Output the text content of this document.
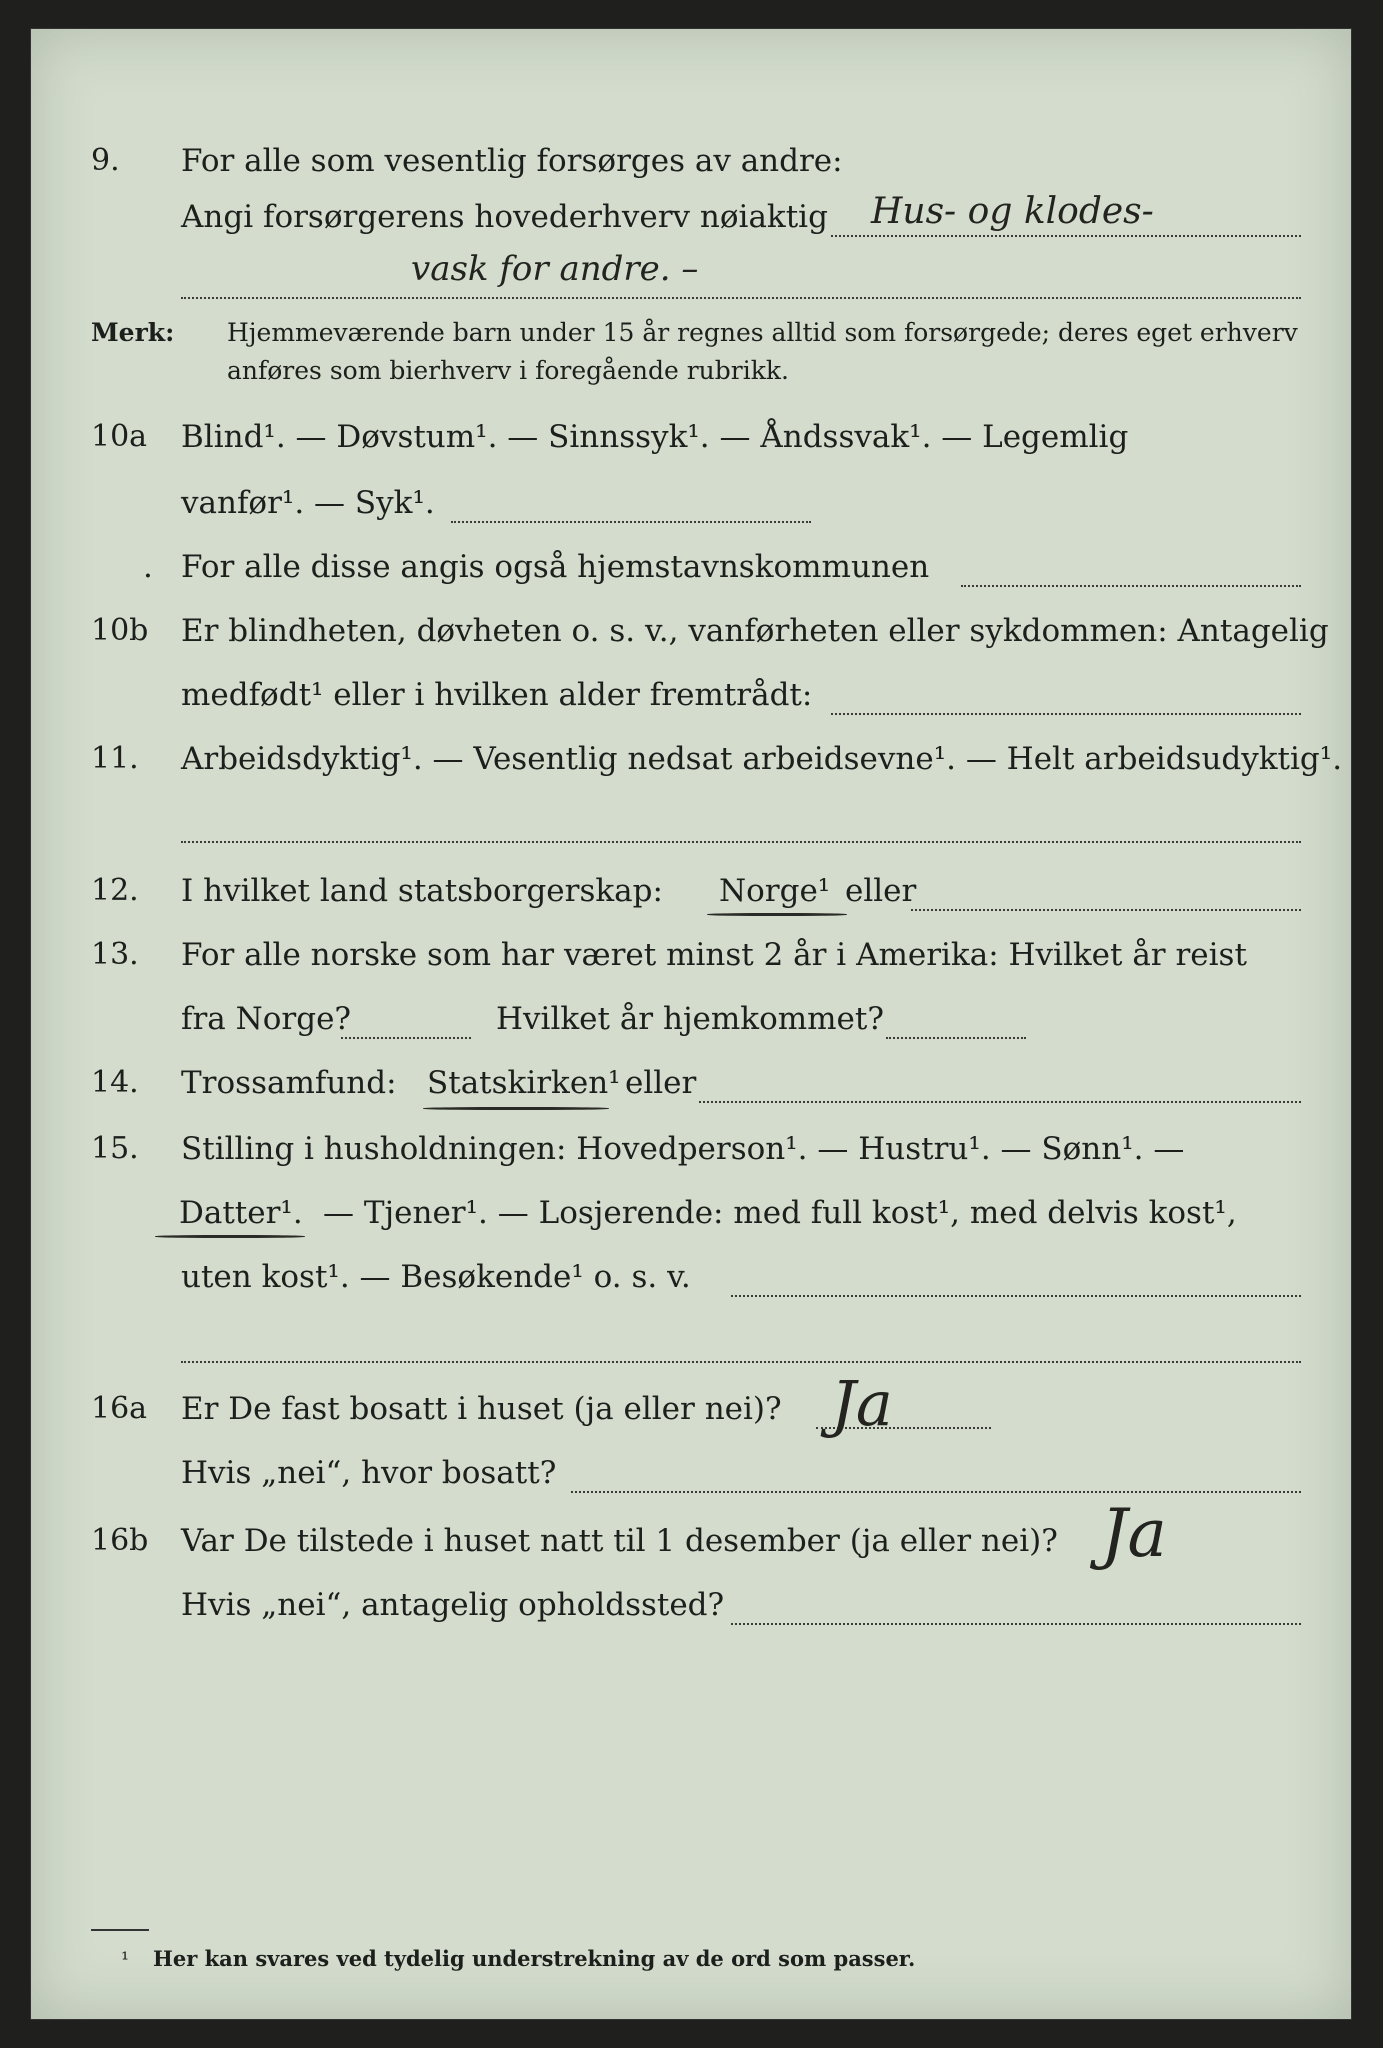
9. For alle som vesentlig forsørges av andre:
Angi forsørgerens hovederhverv nøiaktig Hus- og klodes-
vask for andre. –
Merk: Hjemmeværende barn under 15 år regnes alltid som forsørgede; deres eget erhverv
anføres som bierhverv i foregående rubrikk.
10a Blind¹. — Døvstum¹. — Sinnssyk¹. — Åndssvak¹. — Legemlig
vanfør¹. — Syk¹.
. For alle disse angis også hjemstavnskommunen
10b Er blindheten, døvheten o. s. v., vanførheten eller sykdommen: Antagelig
medfødt¹ eller i hvilken alder fremtrådt:
11. Arbeidsdyktig¹. — Vesentlig nedsat arbeidsevne¹. — Helt arbeidsudyktig¹.
12. I hvilket land statsborgerskap: Norge¹ eller
13. For alle norske som har været minst 2 år i Amerika: Hvilket år reist
fra Norge?	Hvilket år hjemkommet?
14. Trossamfund: Statskirken¹ eller
15. Stilling i husholdningen: Hovedperson¹. — Hustru¹. — Sønn¹. —
Datter¹. — Tjener¹. — Losjerende: med full kost¹, med delvis kost¹,
uten kost¹. — Besøkende¹ o. s. v.
16a Er De fast bosatt i huset (ja eller nei)? Ja
Hvis „nei“, hvor bosatt?
16b Var De tilstede i huset natt til 1 desember (ja eller nei)? Ja
Hvis „nei“, antagelig opholdssted?
¹ Her kan svares ved tydelig understrekning av de ord som passer.
